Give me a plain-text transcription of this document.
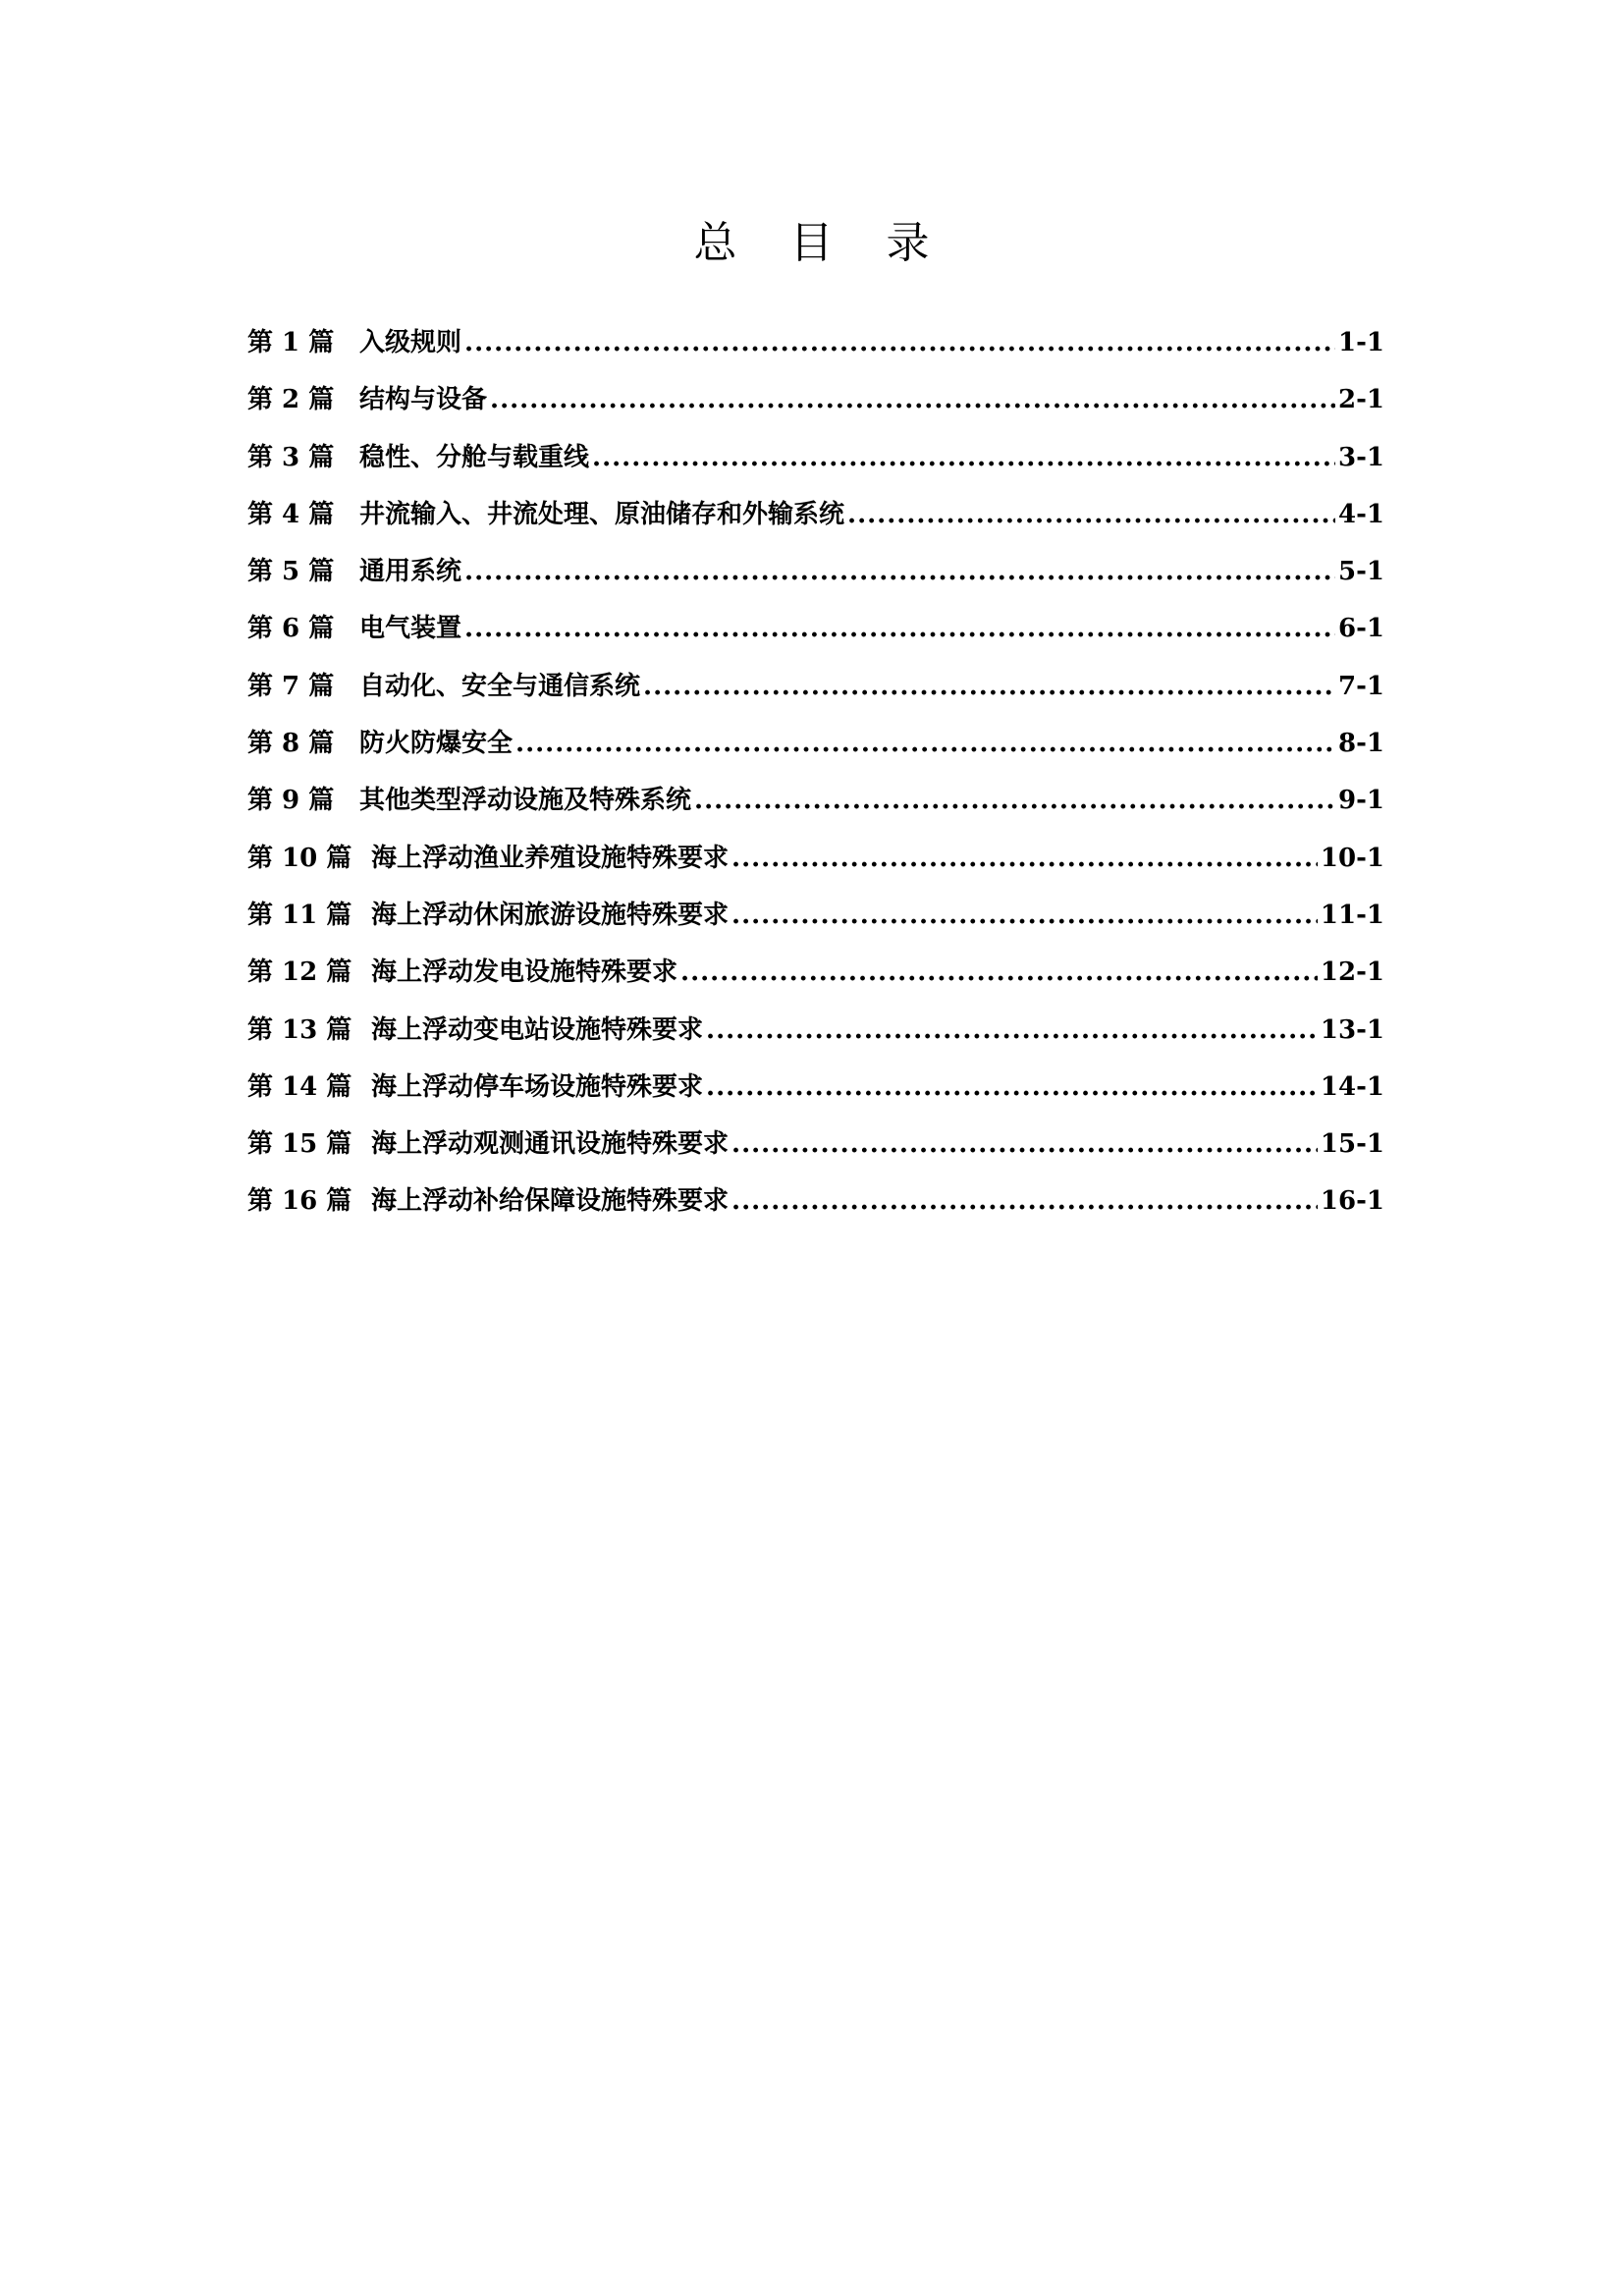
总 目 录
第 1 篇 入级规则 .....	1-1
第 2 篇 结构与设备 .....	2-1
第 3 篇 稳性、分舱与载重线 .....	3-1
第 4 篇 井流输入、井流处理、原油储存和外输系统 .....	4-1
第 5 篇 通用系统 .....	5-1
第 6 篇 电气装置 .....	6-1
第 7 篇 自动化、安全与通信系统 .....	7-1
第 8 篇 防火防爆安全 .....	8-1
第 9 篇 其他类型浮动设施及特殊系统 .....	9-1
第 10 篇 海上浮动渔业养殖设施特殊要求 .....	10-1
第 11 篇 海上浮动休闲旅游设施特殊要求 .....	11-1
第 12 篇 海上浮动发电设施特殊要求 .....	12-1
第 13 篇 海上浮动变电站设施特殊要求 .....	13-1
第 14 篇 海上浮动停车场设施特殊要求 .....	14-1
第 15 篇 海上浮动观测通讯设施特殊要求 .....	15-1
第 16 篇 海上浮动补给保障设施特殊要求 .....	16-1
